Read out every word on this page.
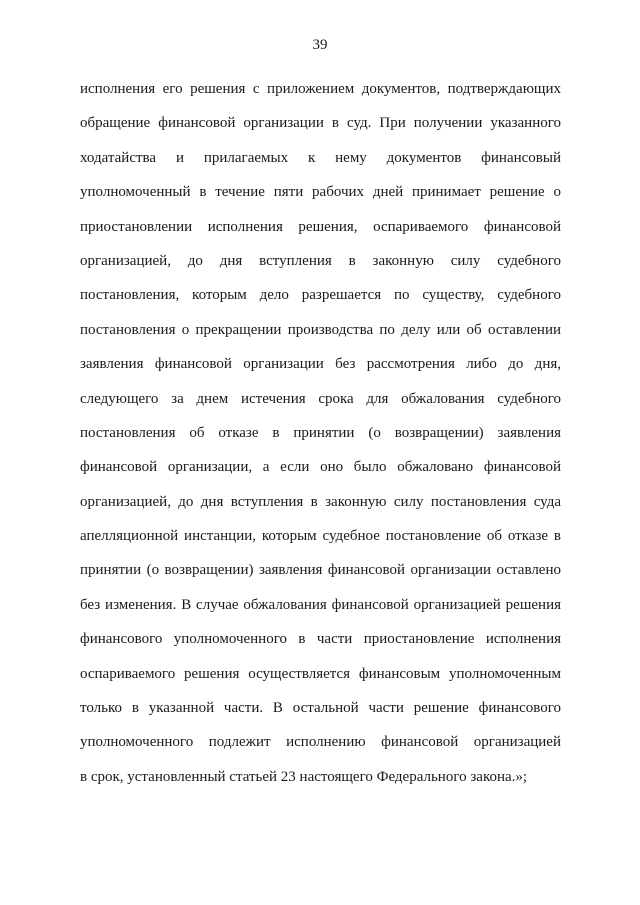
39
исполнения его решения с приложением документов, подтверждающих
обращение финансовой организации в суд. При получении указанного
ходатайства и прилагаемых к нему документов финансовый
уполномоченный в течение пяти рабочих дней принимает решение о
приостановлении исполнения решения, оспариваемого финансовой
организацией, до дня вступления в законную силу судебного
постановления, которым дело разрешается по существу, судебного
постановления о прекращении производства по делу или об оставлении
заявления финансовой организации без рассмотрения либо до дня,
следующего за днем истечения срока для обжалования судебного
постановления об отказе в принятии (о возвращении) заявления
финансовой организации, а если оно было обжаловано финансовой
организацией, до дня вступления в законную силу постановления суда
апелляционной инстанции, которым судебное постановление об отказе в
принятии (о возвращении) заявления финансовой организации оставлено
без изменения. В случае обжалования финансовой организацией решения
финансового уполномоченного в части приостановление исполнения
оспариваемого решения осуществляется финансовым уполномоченным
только в указанной части. В остальной части решение финансового
уполномоченного подлежит исполнению финансовой организацией
в срок, установленный статьей 23 настоящего Федерального закона.»;
